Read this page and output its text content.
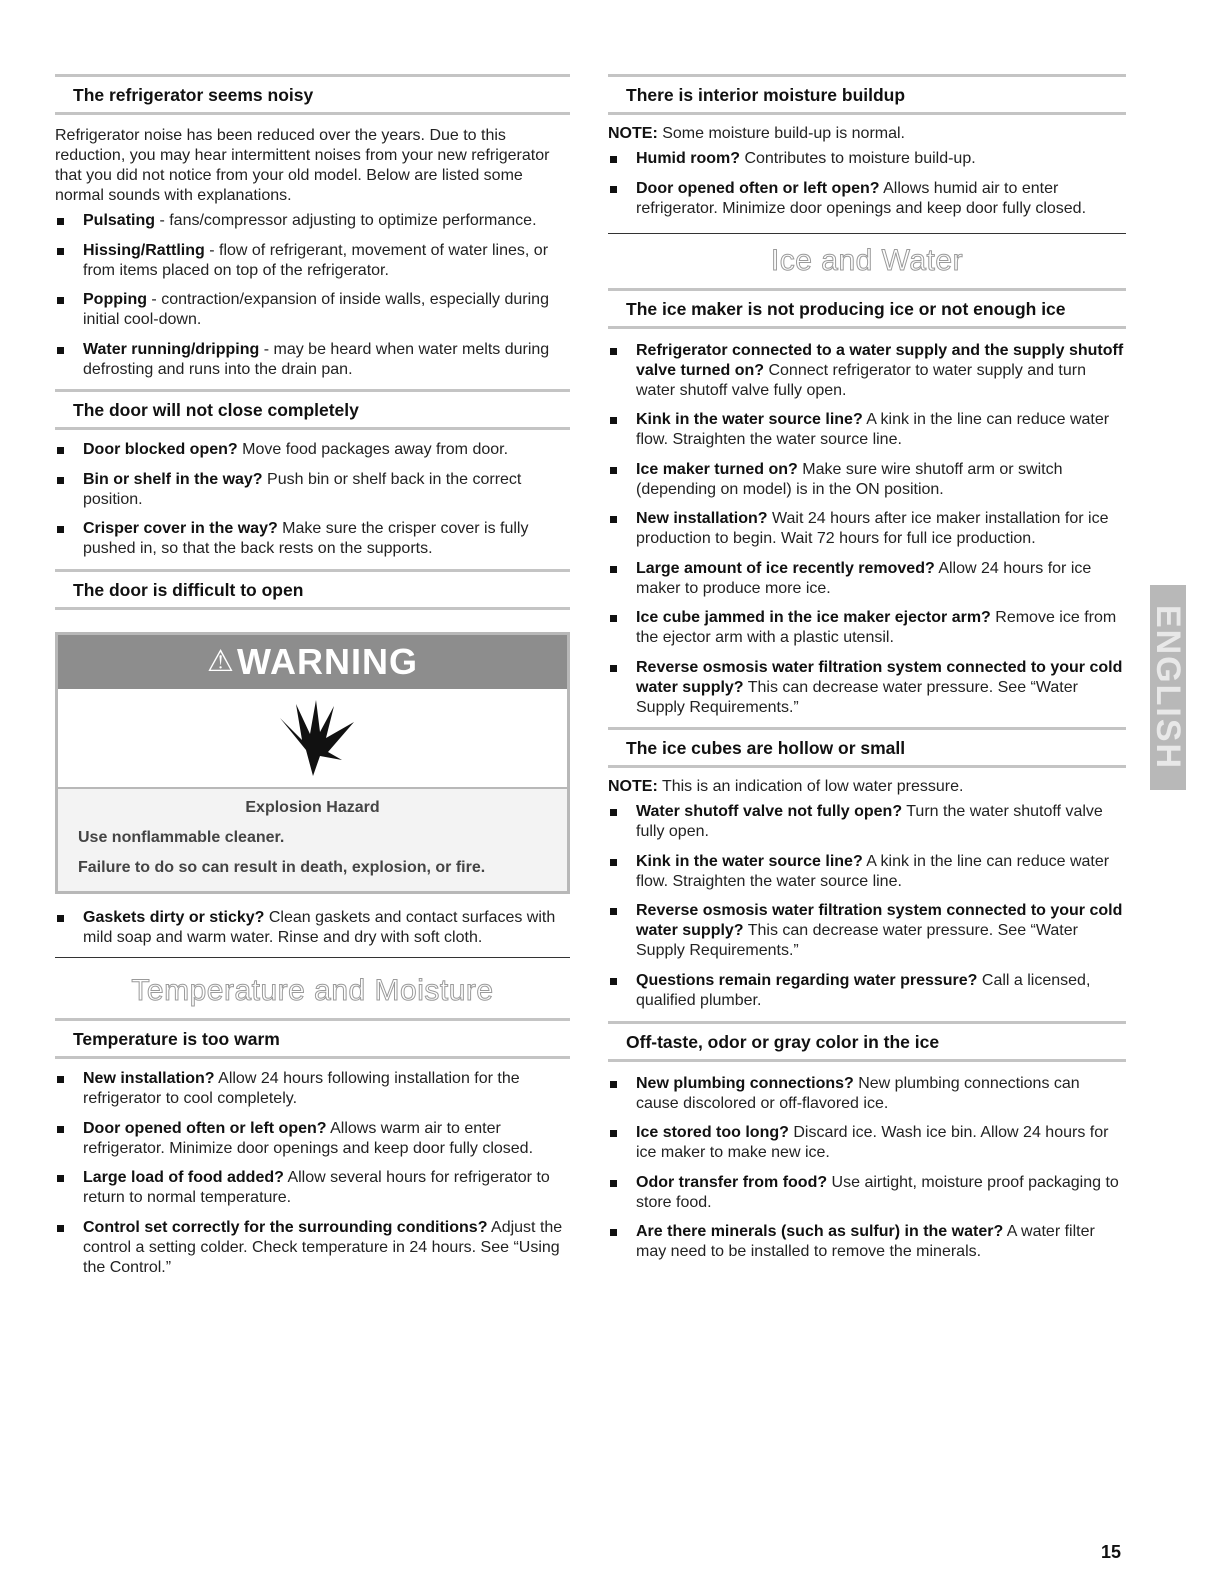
The refrigerator seems noisy
Refrigerator noise has been reduced over the years. Due to this reduction, you may hear intermittent noises from your new refrigerator that you did not notice from your old model. Below are listed some normal sounds with explanations.
Pulsating - fans/compressor adjusting to optimize performance.
Hissing/Rattling - flow of refrigerant, movement of water lines, or from items placed on top of the refrigerator.
Popping - contraction/expansion of inside walls, especially during initial cool-down.
Water running/dripping - may be heard when water melts during defrosting and runs into the drain pan.
The door will not close completely
Door blocked open? Move food packages away from door.
Bin or shelf in the way? Push bin or shelf back in the correct position.
Crisper cover in the way? Make sure the crisper cover is fully pushed in, so that the back rests on the supports.
The door is difficult to open
⚠ WARNING
Explosion Hazard
Use nonflammable cleaner.
Failure to do so can result in death, explosion, or fire.
Gaskets dirty or sticky? Clean gaskets and contact surfaces with mild soap and warm water. Rinse and dry with soft cloth.
Temperature and Moisture
Temperature is too warm
New installation? Allow 24 hours following installation for the refrigerator to cool completely.
Door opened often or left open? Allows warm air to enter refrigerator. Minimize door openings and keep door fully closed.
Large load of food added? Allow several hours for refrigerator to return to normal temperature.
Control set correctly for the surrounding conditions? Adjust the control a setting colder. Check temperature in 24 hours. See “Using the Control.”
There is interior moisture buildup
NOTE: Some moisture build-up is normal.
Humid room? Contributes to moisture build-up.
Door opened often or left open? Allows humid air to enter refrigerator. Minimize door openings and keep door fully closed.
Ice and Water
The ice maker is not producing ice or not enough ice
Refrigerator connected to a water supply and the supply shutoff valve turned on? Connect refrigerator to water supply and turn water shutoff valve fully open.
Kink in the water source line? A kink in the line can reduce water flow. Straighten the water source line.
Ice maker turned on? Make sure wire shutoff arm or switch (depending on model) is in the ON position.
New installation? Wait 24 hours after ice maker installation for ice production to begin. Wait 72 hours for full ice production.
Large amount of ice recently removed? Allow 24 hours for ice maker to produce more ice.
Ice cube jammed in the ice maker ejector arm? Remove ice from the ejector arm with a plastic utensil.
Reverse osmosis water filtration system connected to your cold water supply? This can decrease water pressure. See “Water Supply Requirements.”
The ice cubes are hollow or small
NOTE: This is an indication of low water pressure.
Water shutoff valve not fully open? Turn the water shutoff valve fully open.
Kink in the water source line? A kink in the line can reduce water flow. Straighten the water source line.
Reverse osmosis water filtration system connected to your cold water supply? This can decrease water pressure. See “Water Supply Requirements.”
Questions remain regarding water pressure? Call a licensed, qualified plumber.
Off-taste, odor or gray color in the ice
New plumbing connections? New plumbing connections can cause discolored or off-flavored ice.
Ice stored too long? Discard ice. Wash ice bin. Allow 24 hours for ice maker to make new ice.
Odor transfer from food? Use airtight, moisture proof packaging to store food.
Are there minerals (such as sulfur) in the water? A water filter may need to be installed to remove the minerals.
ENGLISH
15
